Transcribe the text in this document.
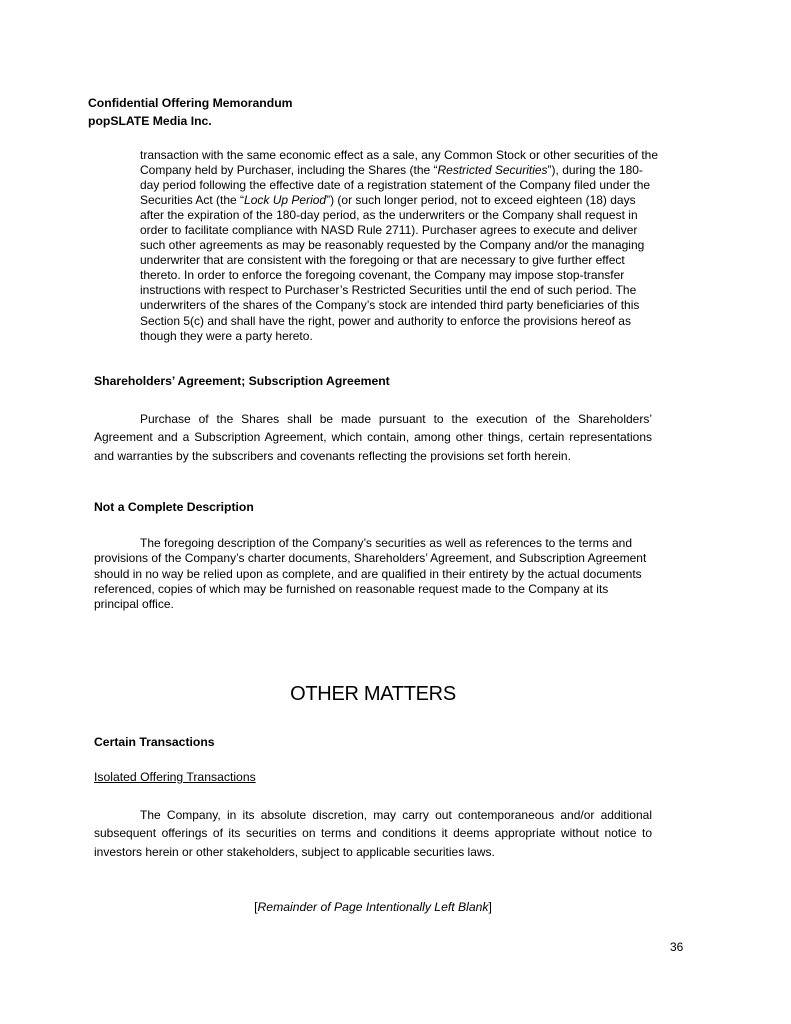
Confidential Offering Memorandum
popSLATE Media Inc.

transaction with the same economic effect as a sale, any Common Stock or other securities of the Company held by Purchaser, including the Shares (the “Restricted Securities”), during the 180-day period following the effective date of a registration statement of the Company filed under the Securities Act (the “Lock Up Period”) (or such longer period, not to exceed eighteen (18) days after the expiration of the 180-day period, as the underwriters or the Company shall request in order to facilitate compliance with NASD Rule 2711). Purchaser agrees to execute and deliver such other agreements as may be reasonably requested by the Company and/or the managing underwriter that are consistent with the foregoing or that are necessary to give further effect thereto. In order to enforce the foregoing covenant, the Company may impose stop-transfer instructions with respect to Purchaser’s Restricted Securities until the end of such period. The underwriters of the shares of the Company’s stock are intended third party beneficiaries of this Section 5(c) and shall have the right, power and authority to enforce the provisions hereof as though they were a party hereto.

Shareholders’ Agreement; Subscription Agreement

Purchase of the Shares shall be made pursuant to the execution of the Shareholders’ Agreement and a Subscription Agreement, which contain, among other things, certain representations and warranties by the subscribers and covenants reflecting the provisions set forth herein.

Not a Complete Description

The foregoing description of the Company’s securities as well as references to the terms and provisions of the Company’s charter documents, Shareholders’ Agreement, and Subscription Agreement should in no way be relied upon as complete, and are qualified in their entirety by the actual documents referenced, copies of which may be furnished on reasonable request made to the Company at its principal office.

OTHER MATTERS
Certain Transactions
Isolated Offering Transactions

The Company, in its absolute discretion, may carry out contemporaneous and/or additional subsequent offerings of its securities on terms and conditions it deems appropriate without notice to investors herein or other stakeholders, subject to applicable securities laws.

[Remainder of Page Intentionally Left Blank]
36
